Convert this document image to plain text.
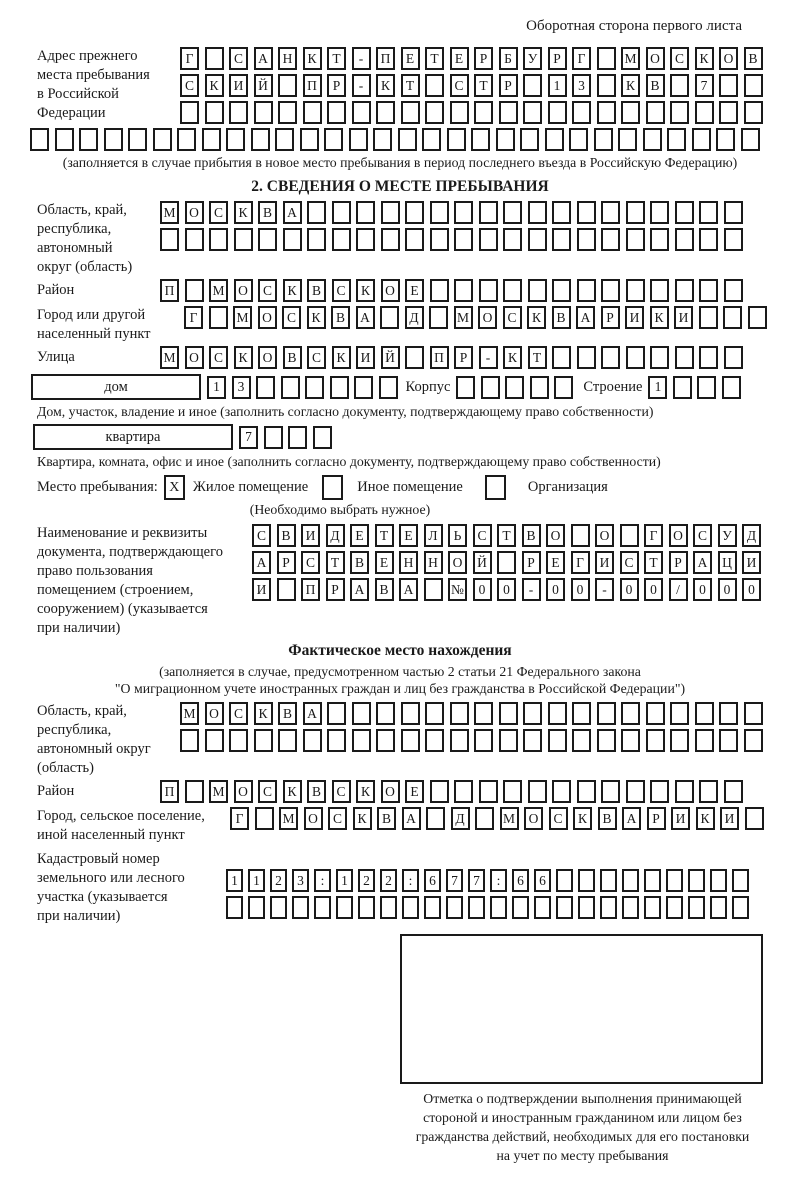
Оборотная сторона первого листа
Адрес прежнего
места пребывания
в Российской
Федерации
Г	С	А	Н	К	Т	-	П	Е	Т	Е	Р	Б	У	Р	Г	М	О	С	К	О	В
С	К	И	Й	П	Р	-	К	Т	С	Т	Р	1	3	К	В	7
(заполняется в случае прибытия в новое место пребывания в период последнего въезда в Российскую Федерацию)
2. СВЕДЕНИЯ О МЕСТЕ ПРЕБЫВАНИЯ
Область, край,
республика,
автономный
округ (область)
М	О	С	К	В	А
Район	П	М	О	С	К	В	С	К	О	Е
Город или другой
населенный пункт
Г	М	О	С	К	В	А	Д	М	О	С	К	В	А	Р	И	К	И
Улица	М	О	С	К	О	В	С	К	И	Й	П	Р	-	К	Т
дом	1	3	Корпус	Строение 1
Дом, участок, владение и иное (заполнить согласно документу, подтверждающему право собственности)
квартира	7
Квартира, комната, офис и иное (заполнить согласно документу, подтверждающему право собственности)
Место пребывания: X Жилое помещение	Иное помещение	Организация
(Необходимо выбрать нужное)
Наименование и реквизиты
документа, подтверждающего
право пользования
помещением (строением,
сооружением) (указывается
при наличии)
С	В	И	Д	Е	Т	Е	Л	Ь	С	Т	В	О	О	Г	О	С	У	Д
А	Р	С	Т	В	Е	Н	Н	О	Й	Р	Е	Г	И	С	Т	Р	А	Ц	И
И	П	Р	А	В	А	№	0	0	-	0	0	-	0	0	/	0	0	0
Фактическое место нахождения
(заполняется в случае, предусмотренном частью 2 статьи 21 Федерального закона
"О миграционном учете иностранных граждан и лиц без гражданства в Российской Федерации")
Область, край,
республика,
автономный округ
(область)
М	О	С	К	В	А
Район	П	М	О	С	К	В	С	К	О	Е
Город, сельское поселение,
иной населенный пункт
Г	М	О	С	К	В	А	Д	М	О	С	К	В	А	Р	И	К	И
Кадастровый номер
земельного или лесного
участка (указывается
при наличии)
1	1	2	3	:	1	2	2	:	6	7	7	:	6	6
Отметка о подтверждении выполнения принимающей
стороной и иностранным гражданином или лицом без
гражданства действий, необходимых для его постановки
на учет по месту пребывания
